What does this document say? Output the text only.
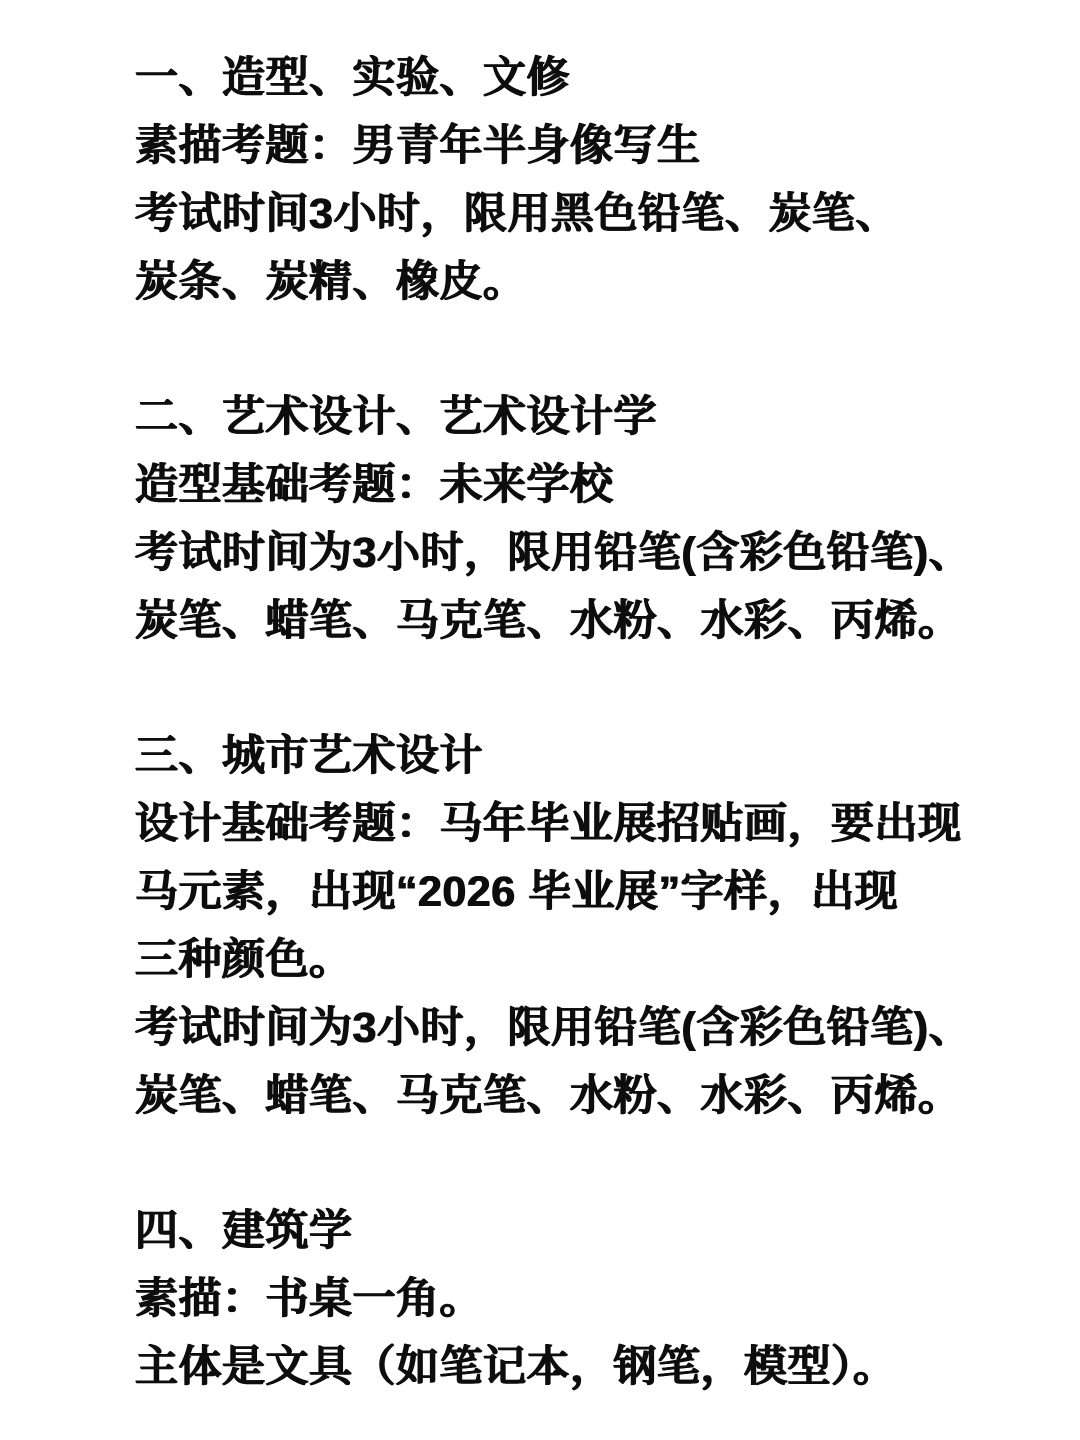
一、造型、实验、文修
素描考题：男青年半身像写生
考试时间3小时，限用黑色铅笔、炭笔、
炭条、炭精、橡皮。
二、艺术设计、艺术设计学
造型基础考题：未来学校
考试时间为3小时，限用铅笔(含彩色铅笔)、
炭笔、蜡笔、马克笔、水粉、水彩、丙烯。
三、城市艺术设计
设计基础考题：马年毕业展招贴画，要出现
马元素，出现“2026 毕业展”字样，出现
三种颜色。
考试时间为3小时，限用铅笔(含彩色铅笔)、
炭笔、蜡笔、马克笔、水粉、水彩、丙烯。
四、建筑学
素描：书桌一角。
主体是文具（如笔记本，钢笔，模型）。
